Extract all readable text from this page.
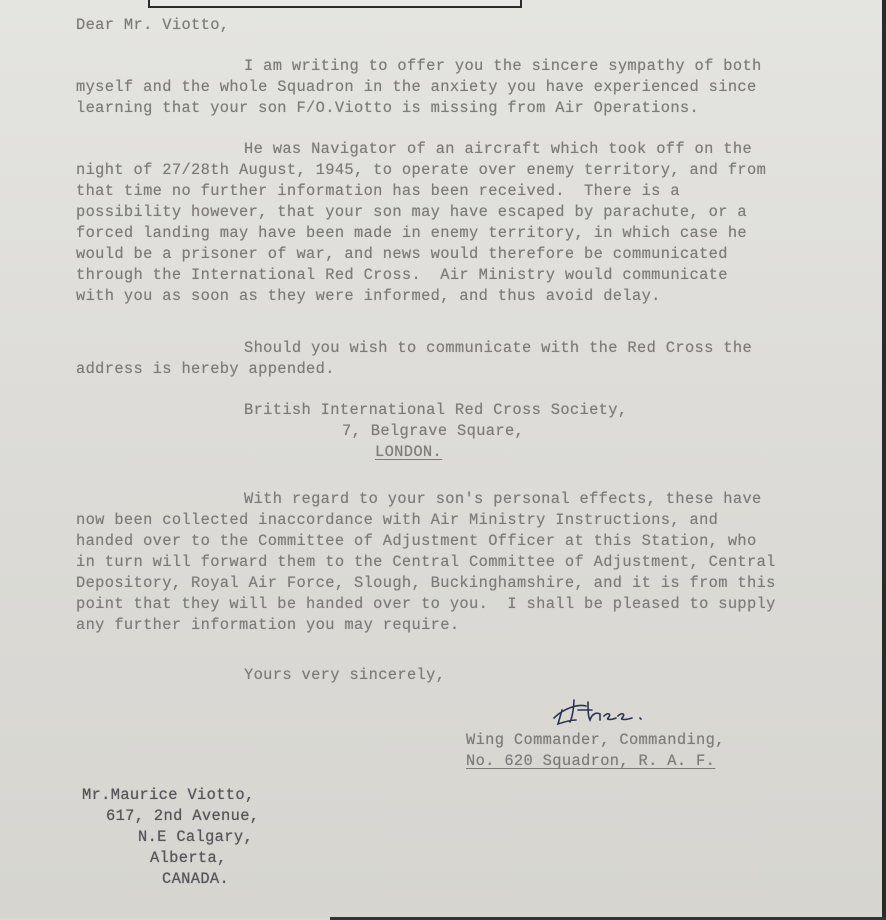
Dear Mr. Viotto,
I am writing to offer you the sincere sympathy of both
myself and the whole Squadron in the anxiety you have experienced since
learning that your son F/O.Viotto is missing from Air Operations.
He was Navigator of an aircraft which took off on the
night of 27/28th August, 1945, to operate over enemy territory, and from
that time no further information has been received.  There is a
possibility however, that your son may have escaped by parachute, or a
forced landing may have been made in enemy territory, in which case he
would be a prisoner of war, and news would therefore be communicated
through the International Red Cross.  Air Ministry would communicate
with you as soon as they were informed, and thus avoid delay.
Should you wish to communicate with the Red Cross the
address is hereby appended.
British International Red Cross Society,
7, Belgrave Square,
LONDON.
With regard to your son's personal effects, these have
now been collected inaccordance with Air Ministry Instructions, and
handed over to the Committee of Adjustment Officer at this Station, who
in turn will forward them to the Central Committee of Adjustment, Central
Depository, Royal Air Force, Slough, Buckinghamshire, and it is from this
point that they will be handed over to you.  I shall be pleased to supply
any further information you may require.
Yours very sincerely,
Wing Commander, Commanding,
No. 620 Squadron, R. A. F.
Mr.Maurice Viotto,
617, 2nd Avenue,
N.E Calgary,
Alberta,
CANADA.
